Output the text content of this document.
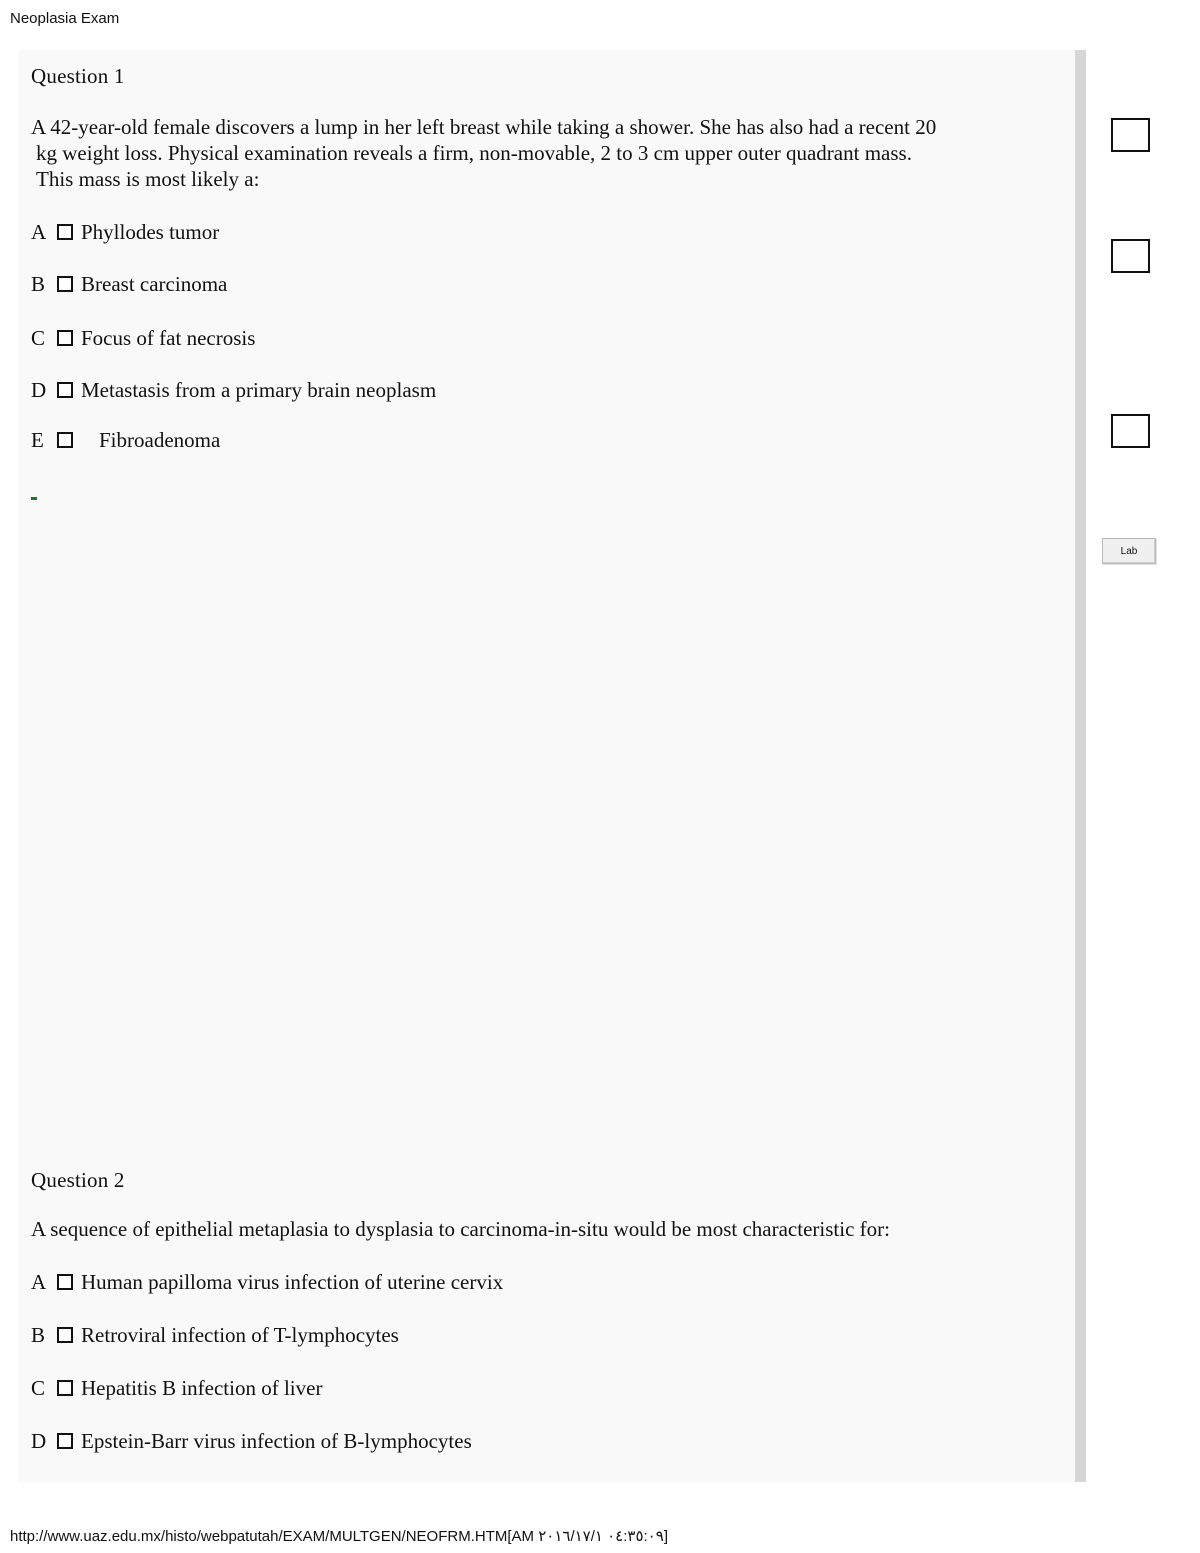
Neoplasia Exam
Question 1
A 42-year-old female discovers a lump in her left breast while taking a shower. She has also had a recent 20
kg weight loss. Physical examination reveals a firm, non-movable, 2 to 3 cm upper outer quadrant mass.
This mass is most likely a:
A	Phyllodes tumor
B	Breast carcinoma
C	Focus of fat necrosis
D	Metastasis from a primary brain neoplasm
E	Fibroadenoma
Question 2
A sequence of epithelial metaplasia to dysplasia to carcinoma-in-situ would be most characteristic for:
A	Human papilloma virus infection of uterine cervix
B	Retroviral infection of T-lymphocytes
C	Hepatitis B infection of liver
D	Epstein-Barr virus infection of B-lymphocytes
Lab
http://www.uaz.edu.mx/histo/webpatutah/EXAM/MULTGEN/NEOFRM.HTM[AM ٠٤:٣٥:٠٩ ٢٠١٦/١٧/١]
